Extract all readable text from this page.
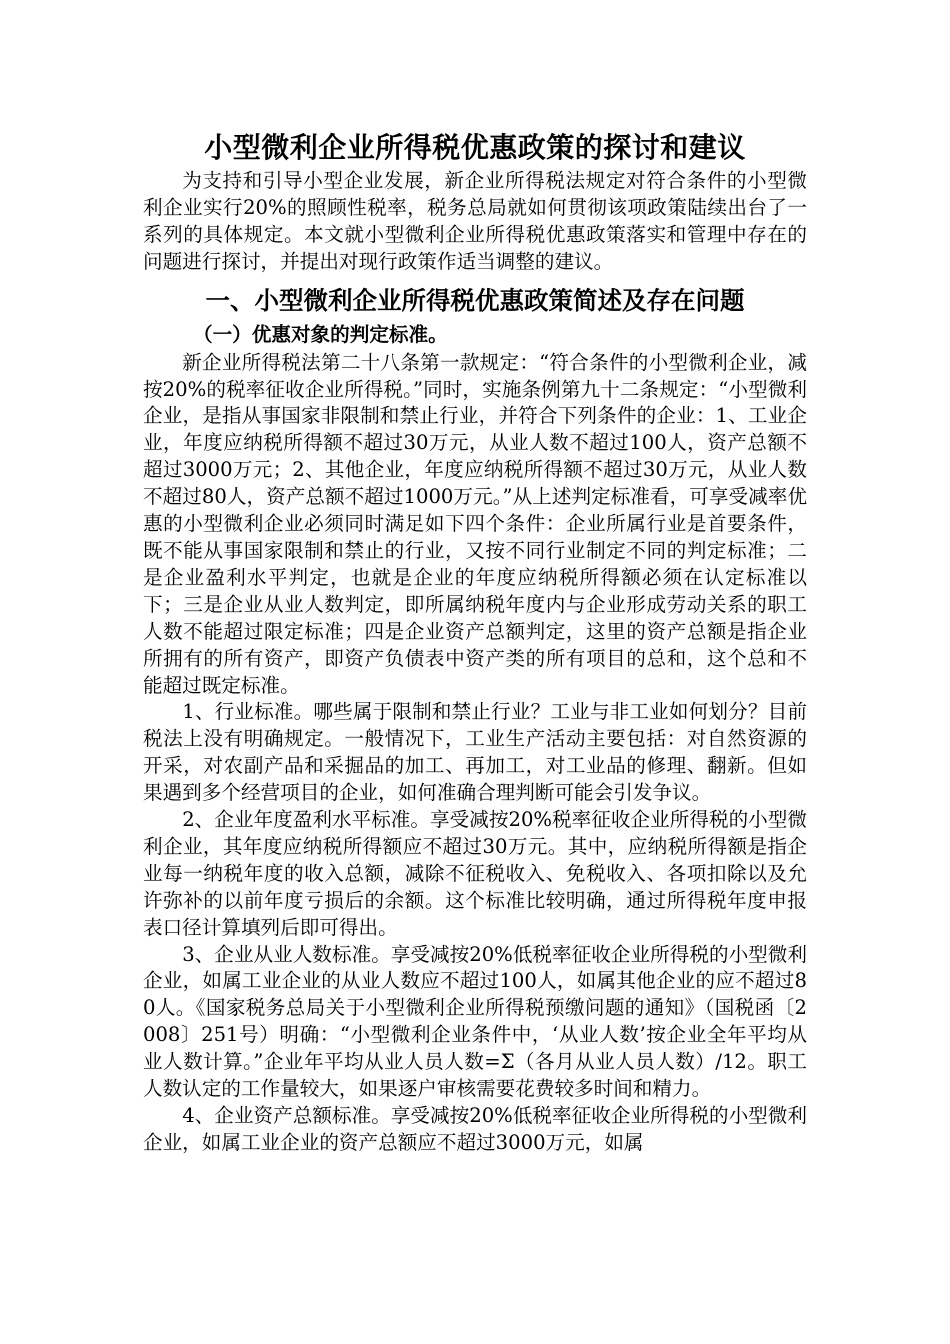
小型微利企业所得税优惠政策的探讨和建议

为支持和引导小型企业发展，新企业所得税法规定对符合条件的小型微利企业实行20%的照顾性税率，税务总局就如何贯彻该项政策陆续出台了一系列的具体规定。本文就小型微利企业所得税优惠政策落实和管理中存在的问题进行探讨，并提出对现行政策作适当调整的建议。

一、小型微利企业所得税优惠政策简述及存在问题
（一）优惠对象的判定标准。

新企业所得税法第二十八条第一款规定：“符合条件的小型微利企业，减按20%的税率征收企业所得税。”同时，实施条例第九十二条规定：“小型微利企业，是指从事国家非限制和禁止行业，并符合下列条件的企业：1、工业企业，年度应纳税所得额不超过30万元，从业人数不超过100人，资产总额不超过3000万元；2、其他企业，年度应纳税所得额不超过30万元，从业人数不超过80人，资产总额不超过1000万元。”从上述判定标准看，可享受减率优惠的小型微利企业必须同时满足如下四个条件：企业所属行业是首要条件，既不能从事国家限制和禁止的行业，又按不同行业制定不同的判定标准；二是企业盈利水平判定，也就是企业的年度应纳税所得额必须在认定标准以下；三是企业从业人数判定，即所属纳税年度内与企业形成劳动关系的职工人数不能超过限定标准；四是企业资产总额判定，这里的资产总额是指企业所拥有的所有资产，即资产负债表中资产类的所有项目的总和，这个总和不能超过既定标准。

1、行业标准。哪些属于限制和禁止行业？工业与非工业如何划分？目前税法上没有明确规定。一般情况下，工业生产活动主要包括：对自然资源的开采，对农副产品和采掘品的加工、再加工，对工业品的修理、翻新。但如果遇到多个经营项目的企业，如何准确合理判断可能会引发争议。

2、企业年度盈利水平标准。享受减按20%税率征收企业所得税的小型微利企业，其年度应纳税所得额应不超过30万元。其中，应纳税所得额是指企业每一纳税年度的收入总额，减除不征税收入、免税收入、各项扣除以及允许弥补的以前年度亏损后的余额。这个标准比较明确，通过所得税年度申报表口径计算填列后即可得出。

3、企业从业人数标准。享受减按20%低税率征收企业所得税的小型微利企业，如属工业企业的从业人数应不超过100人，如属其他企业的应不超过80人。《国家税务总局关于小型微利企业所得税预缴问题的通知》（国税函〔2008〕251号）明确：“小型微利企业条件中，‘从业人数’按企业全年平均从业人数计算。”企业年平均从业人员人数=Σ（各月从业人员人数）/12。职工人数认定的工作量较大，如果逐户审核需要花费较多时间和精力。

4、企业资产总额标准。享受减按20%低税率征收企业所得税的小型微利企业，如属工业企业的资产总额应不超过3000万元，如属
